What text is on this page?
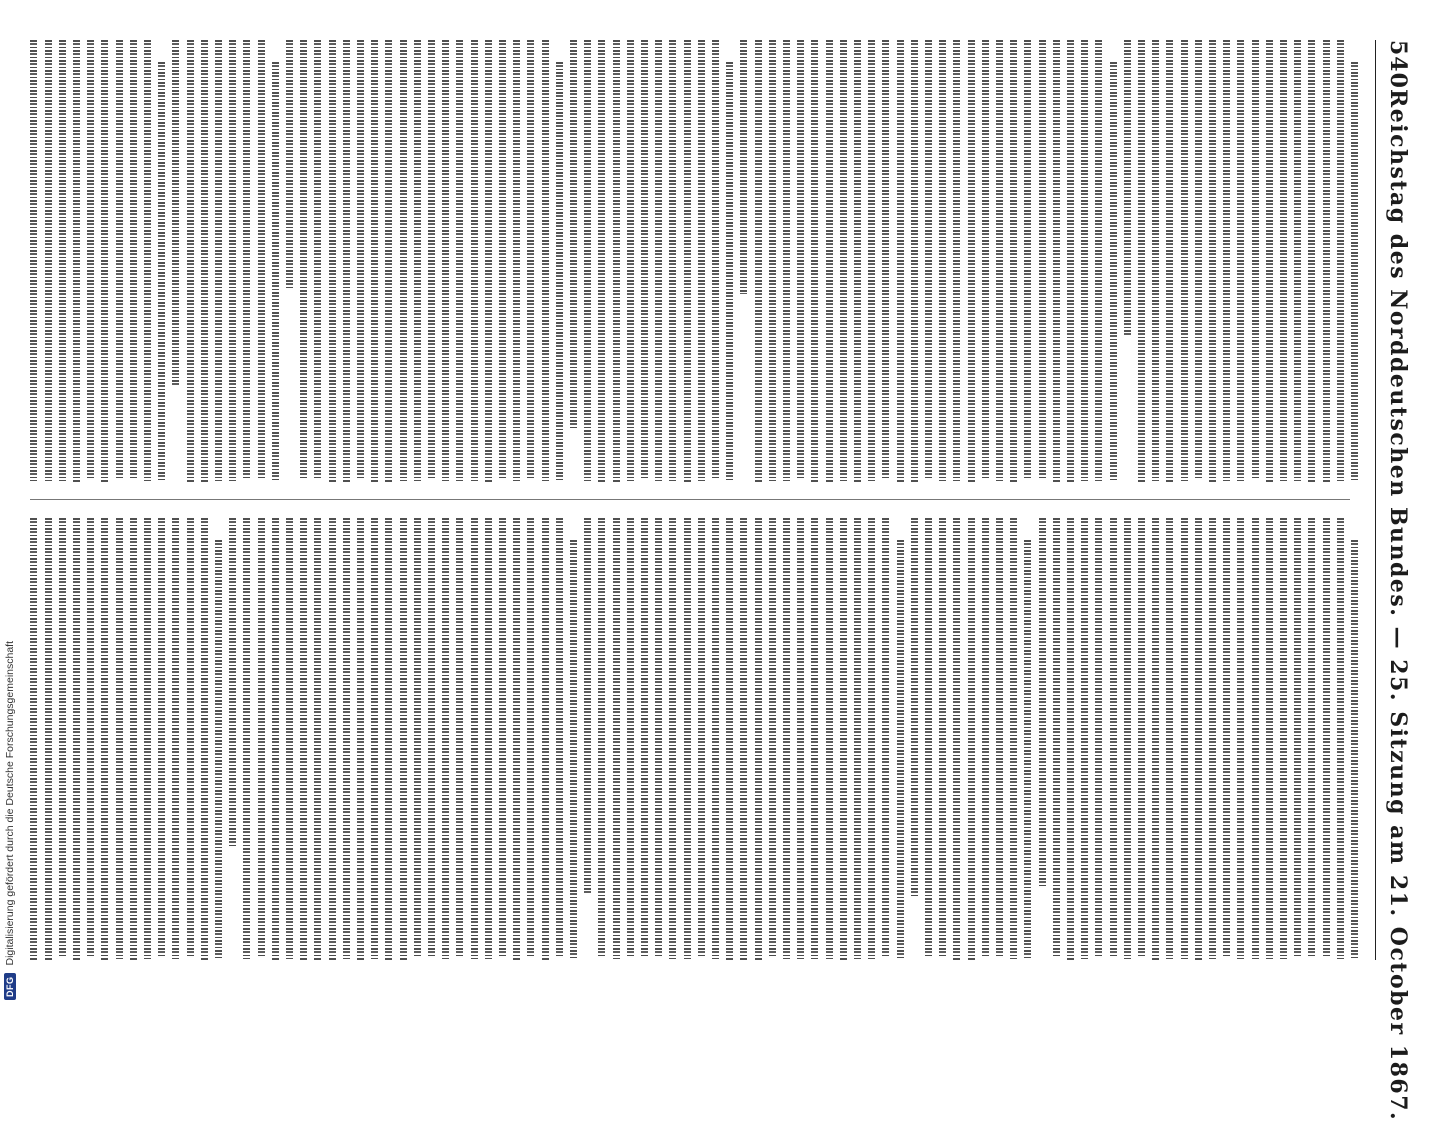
540
Reichstag des Norddeutschen Bundes. — 25. Sitzung am 21. October 1867.
DFG
Digitalisierung gefördert durch die Deutsche Forschungsgemeinschaft
